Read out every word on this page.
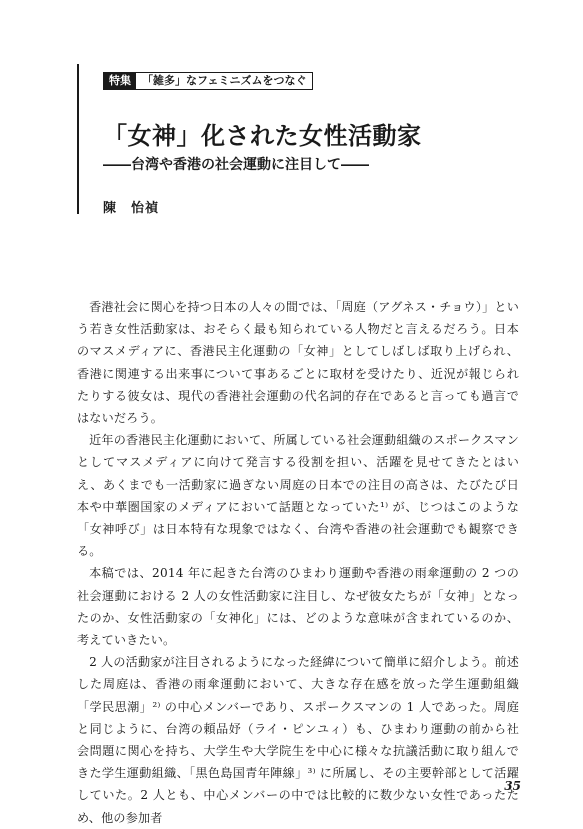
特集	「雑多」なフェミニズムをつなぐ
「女神」化された女性活動家
――台湾や香港の社会運動に注目して――
陳　怡禎

香港社会に関心を持つ日本の人々の間では、「周庭（アグネス・チョウ）」という若き女性活動家は、おそらく最も知られている人物だと言えるだろう。日本のマスメディアに、香港民主化運動の「女神」としてしばしば取り上げられ、香港に関連する出来事について事あるごとに取材を受けたり、近況が報じられたりする彼女は、現代の香港社会運動の代名詞的存在であると言っても過言ではないだろう。

近年の香港民主化運動において、所属している社会運動組織のスポークスマンとしてマスメディアに向けて発言する役割を担い、活躍を見せてきたとはいえ、あくまでも一活動家に過ぎない周庭の日本での注目の高さは、たびたび日本や中華圏国家のメディアにおいて話題となっていた¹⁾ が、じつはこのような「女神呼び」は日本特有な現象ではなく、台湾や香港の社会運動でも観察できる。

本稿では、2014 年に起きた台湾のひまわり運動や香港の雨傘運動の 2 つの社会運動における 2 人の女性活動家に注目し、なぜ彼女たちが「女神」となったのか、女性活動家の「女神化」には、どのような意味が含まれているのか、考えていきたい。

2 人の活動家が注目されるようになった経緯について簡単に紹介しよう。前述した周庭は、香港の雨傘運動において、大きな存在感を放った学生運動組織「学民思潮」²⁾ の中心メンバーであり、スポークスマンの 1 人であった。周庭と同じように、台湾の頼品妤（ライ・ピンユィ）も、ひまわり運動の前から社会問題に関心を持ち、大学生や大学院生を中心に様々な抗議活動に取り組んできた学生運動組織、「黒色島国青年陣線」³⁾ に所属し、その主要幹部として活躍していた。2 人とも、中心メンバーの中では比較的に数少ない女性であったため、他の参加者

35
